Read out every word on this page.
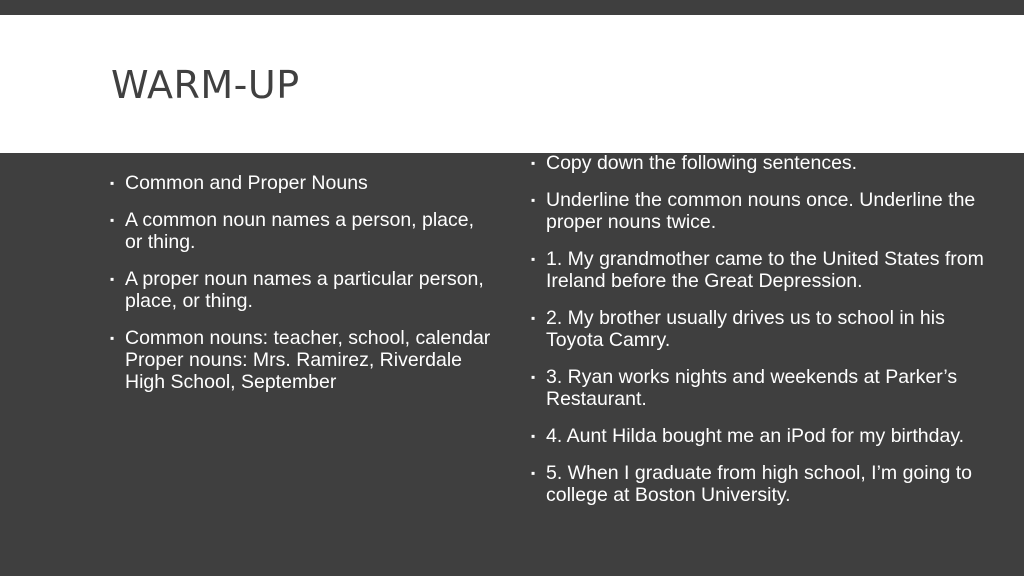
WARM-UP
▪ Common and Proper Nouns
▪ A common noun names a person, place, or thing.
▪ A proper noun names a particular person, place, or thing.
▪ Common nouns: teacher, school, calendar Proper nouns: Mrs. Ramirez, Riverdale High School, September
▪ Copy down the following sentences.
▪ Underline the common nouns once. Underline the proper nouns twice.
▪ 1. My grandmother came to the United States from Ireland before the Great Depression.
▪ 2. My brother usually drives us to school in his Toyota Camry.
▪ 3. Ryan works nights and weekends at Parker’s Restaurant.
▪ 4. Aunt Hilda bought me an iPod for my birthday.
▪ 5. When I graduate from high school, I’m going to college at Boston University.
